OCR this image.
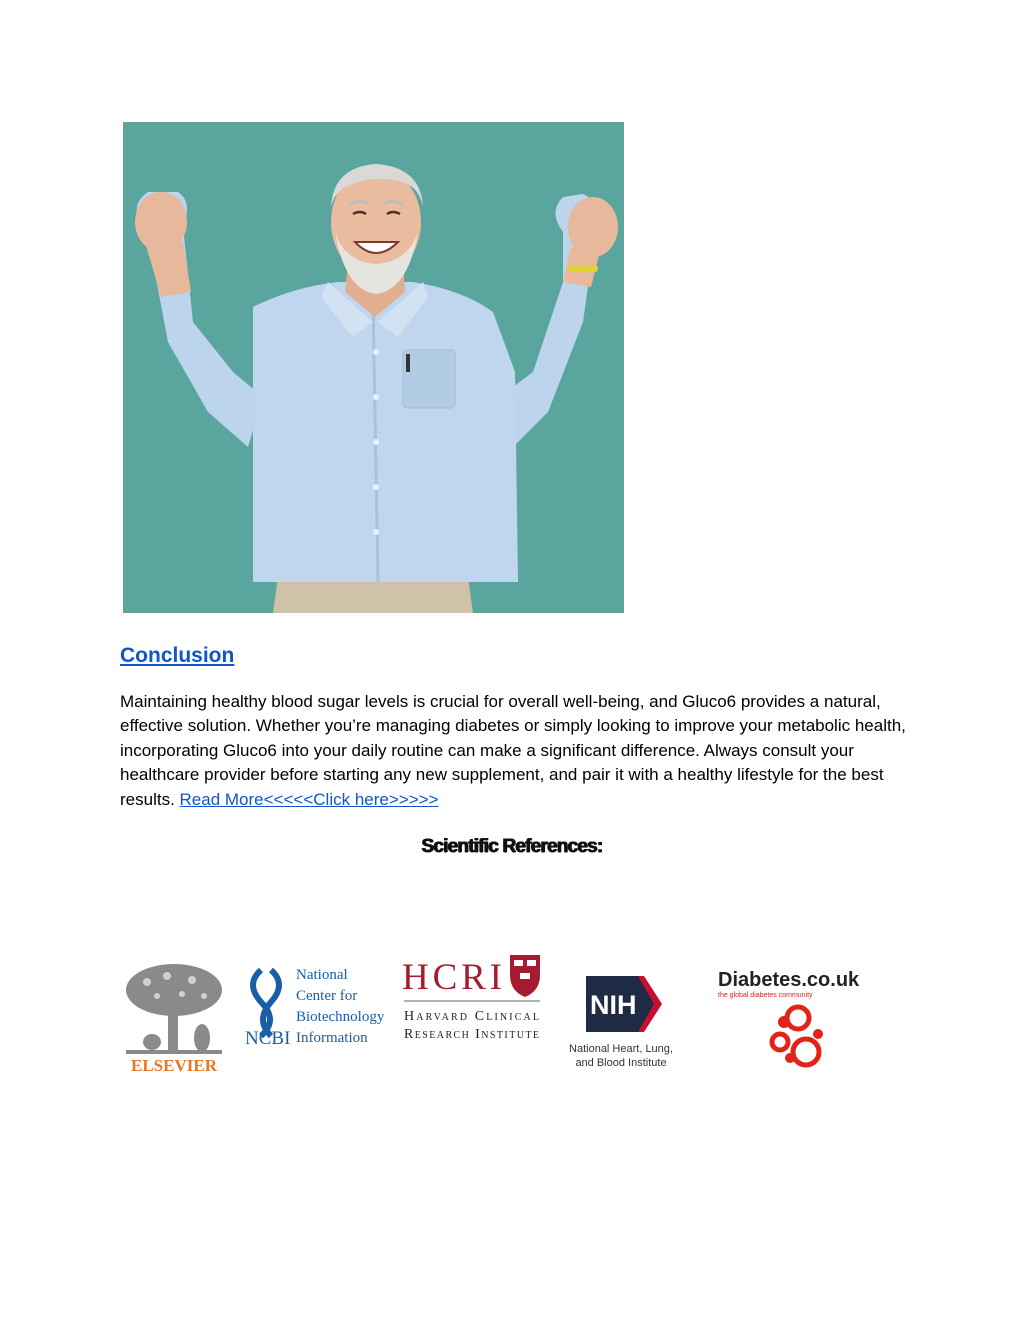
Conclusion

Maintaining healthy blood sugar levels is crucial for overall well-being, and Gluco6 provides a natural, effective solution. Whether you’re managing diabetes or simply looking to improve your metabolic health, incorporating Gluco6 into your daily routine can make a significant difference. Always consult your healthcare provider before starting any new supplement, and pair it with a healthy lifestyle for the best results. Read More<<<<<Click here>>>>>

Scientific References:
ELSEVIER
NCBI
National
Center for
Biotechnology
Information
HCRI
Harvard Clinical
Research Institute
NIH
National Heart, Lung,
and Blood Institute
Diabetes.co.uk
the global diabetes community
